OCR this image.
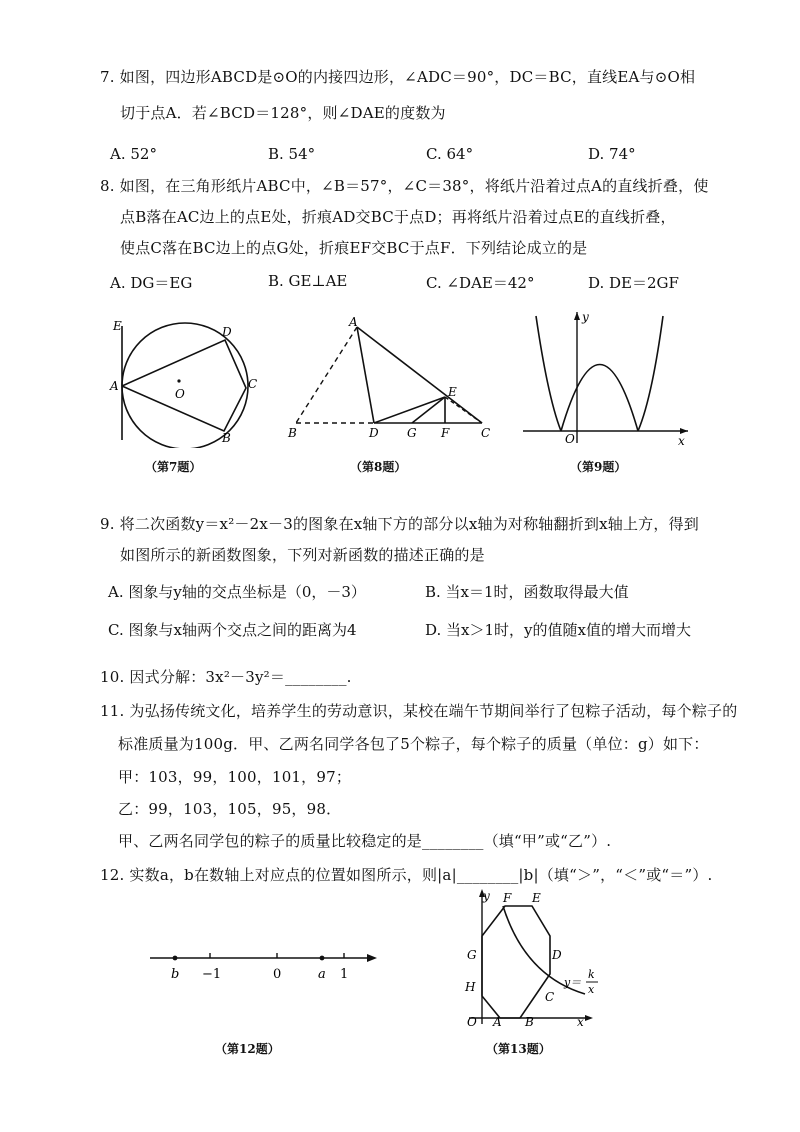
7. 如图，四边形ABCD是⊙O的内接四边形，∠ADC＝90°，DC＝BC，直线EA与⊙O相
切于点A．若∠BCD＝128°，则∠DAE的度数为
A. 52°	B. 54°	C. 64°	D. 74°
8. 如图，在三角形纸片ABC中，∠B＝57°，∠C＝38°，将纸片沿着过点A的直线折叠，使
点B落在AC边上的点E处，折痕AD交BC于点D；再将纸片沿着过点E的直线折叠，
使点C落在BC边上的点G处，折痕EF交BC于点F．下列结论成立的是
A. DG＝EG	B. GE⊥AE	C. ∠DAE＝42°	D. DE＝2GF
E	D
A
O
C
B
（第7题）
A
E
B	D G F	C
（第8题）
y
O	x
（第9题）
9. 将二次函数y＝x²－2x－3的图象在x轴下方的部分以x轴为对称轴翻折到x轴上方，得到
如图所示的新函数图象，下列对新函数的描述正确的是
A. 图象与y轴的交点坐标是（0，－3）	B. 当x＝1时，函数取得最大值
C. 图象与x轴两个交点之间的距离为4	D. 当x＞1时，y的值随x值的增大而增大
10. 因式分解：3x²－3y²＝________.
11. 为弘扬传统文化，培养学生的劳动意识，某校在端午节期间举行了包粽子活动，每个粽子的
标准质量为100g．甲、乙两名同学各包了5个粽子，每个粽子的质量（单位：g）如下：
甲：103，99，100，101，97；
乙：99，103，105，95，98．
甲、乙两名同学包的粽子的质量比较稳定的是________（填“甲”或“乙”）.
12. 实数a，b在数轴上对应点的位置如图所示，则|a|________|b|（填“＞”，“＜”或“＝”）.
b −1	0	a 1
（第12题）
y F E
G	D
H
C
O A B	x
y＝
k
x
（第13题）
